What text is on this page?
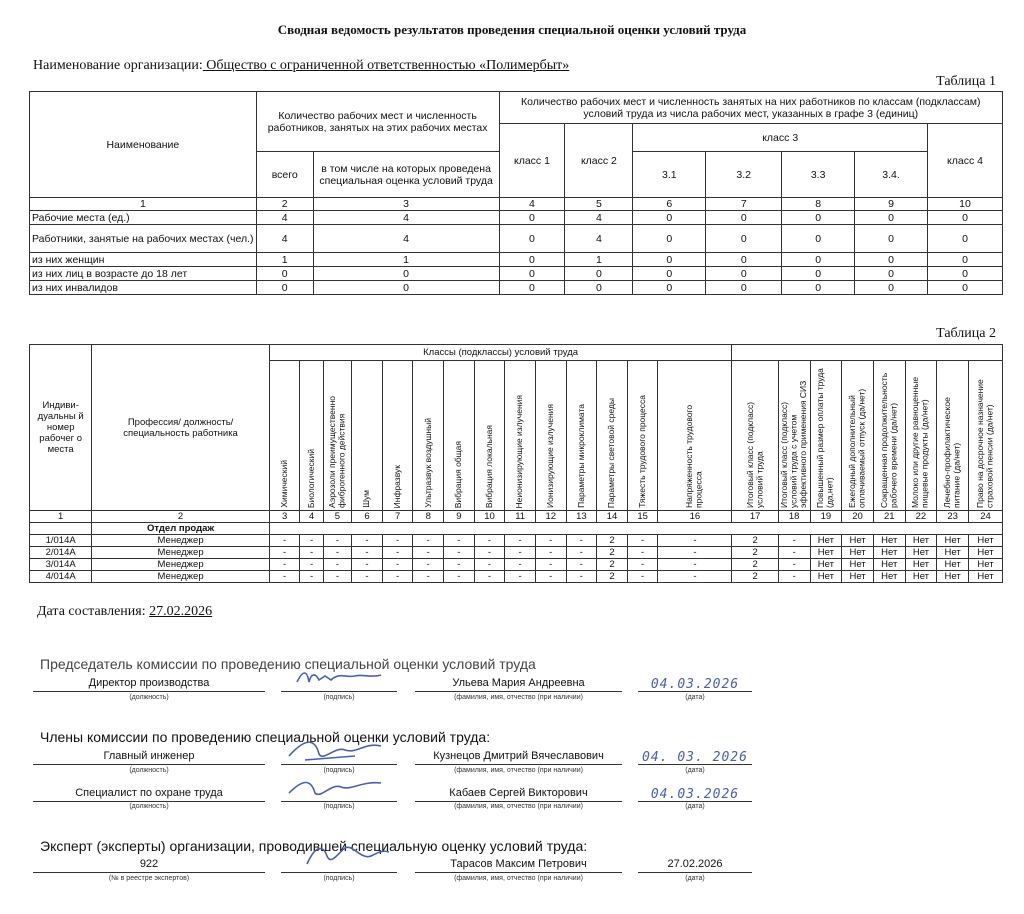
Сводная ведомость результатов проведения специальной оценки условий труда
Наименование организации: Общество с ограниченной ответственностью «Полимербыт»
Таблица 1
Наименование	Количество рабочих мест и численность работников, занятых на этих рабочих местах		Количество рабочих мест и численность занятых на них работников по классам (подклассам) условий труда из числа рабочих мест, указанных в графе 3 (единиц)						
			класс 1	класс 2	класс 3				класс 4
	всего	в том числе на которых проведена специальная оценка условий труда			3.1	3.2	3.3	3.4.	
1	2	3	4	5	6	7	8	9	10
Рабочие места (ед.)	4	4	0	4	0	0	0	0	0
Работники, занятые на рабочих местах (чел.)	4	4	0	4	0	0	0	0	0
из них женщин	1	1	0	1	0	0	0	0	0
из них лиц в возрасте до 18 лет	0	0	0	0	0	0	0	0	0
из них инвалидов	0	0	0	0	0	0	0	0	0
Таблица 2
Индиви-дуальны й номер рабочег о места	Профессия/ должность/ специальность работника	Классы (подклассы) условий труда																					

		Химический	Биологический	Аэрозоли преимущественно фиброгенного действия	Шум	Инфразвук	Ультразвук воздушный	Вибрация общая	Вибрация локальная	Неионизирующие излучения	Ионизирующие излучения	Параметры микроклимата	Параметры световой среды	Тяжесть трудового процесса	Напряженность трудового процесса	Итоговый класс (подкласс) условий труда	Итоговый класс (подкласс) условий труда с учетом эффективного применения СИЗ	Повышенный размер оплаты труда (да,нет)	Ежегодный дополнительный оплачиваемый отпуск (да/нет)	Сокращенная продолжительность рабочего времени (да/нет)	Молоко или другие равноценные пищевые продукты (да/нет)	Лечебно-профилактическое питание (да/нет)	Право на досрочное назначение страховой пенсии (да/нет)

1	2	3	4	5	6	7	8	9	10	11	12	13	14	15	16	17	18	19	20	21	22	23	24
	Отдел продаж																						
1/014А	Менеджер	-	-	-	-	-	-	-	-	-	-	-	2	-	-	2	-	Нет	Нет	Нет	Нет	Нет	Нет
2/014А	Менеджер	-	-	-	-	-	-	-	-	-	-	-	2	-	-	2	-	Нет	Нет	Нет	Нет	Нет	Нет
3/014А	Менеджер	-	-	-	-	-	-	-	-	-	-	-	2	-	-	2	-	Нет	Нет	Нет	Нет	Нет	Нет
4/014А	Менеджер	-	-	-	-	-	-	-	-	-	-	-	2	-	-	2	-	Нет	Нет	Нет	Нет	Нет	Нет
Дата составления: 27.02.2026
Председатель комиссии по проведению специальной оценки условий труда
Директор производства	Ульева Мария Андреевна	04.03.2026
(должность)	(подпись)	(фамилия, имя, отчество (при наличии)	(дата)
Члены комиссии по проведению специальной оценки условий труда:
Главный инженер	Кузнецов Дмитрий Вячеславович	04. 03. 2026
(должность)	(подпись)	(фамилия, имя, отчество (при наличии)	(дата)
Специалист по охране труда	Кабаев Сергей Викторович	04.03.2026
(должность)	(подпись)	(фамилия, имя, отчество (при наличии)	(дата)
Эксперт (эксперты) организации, проводившей специальную оценку условий труда:
922	Тарасов Максим Петрович	27.02.2026
(№ в реестре экспертов)	(подпись)	(фамилия, имя, отчество (при наличии)	(дата)
